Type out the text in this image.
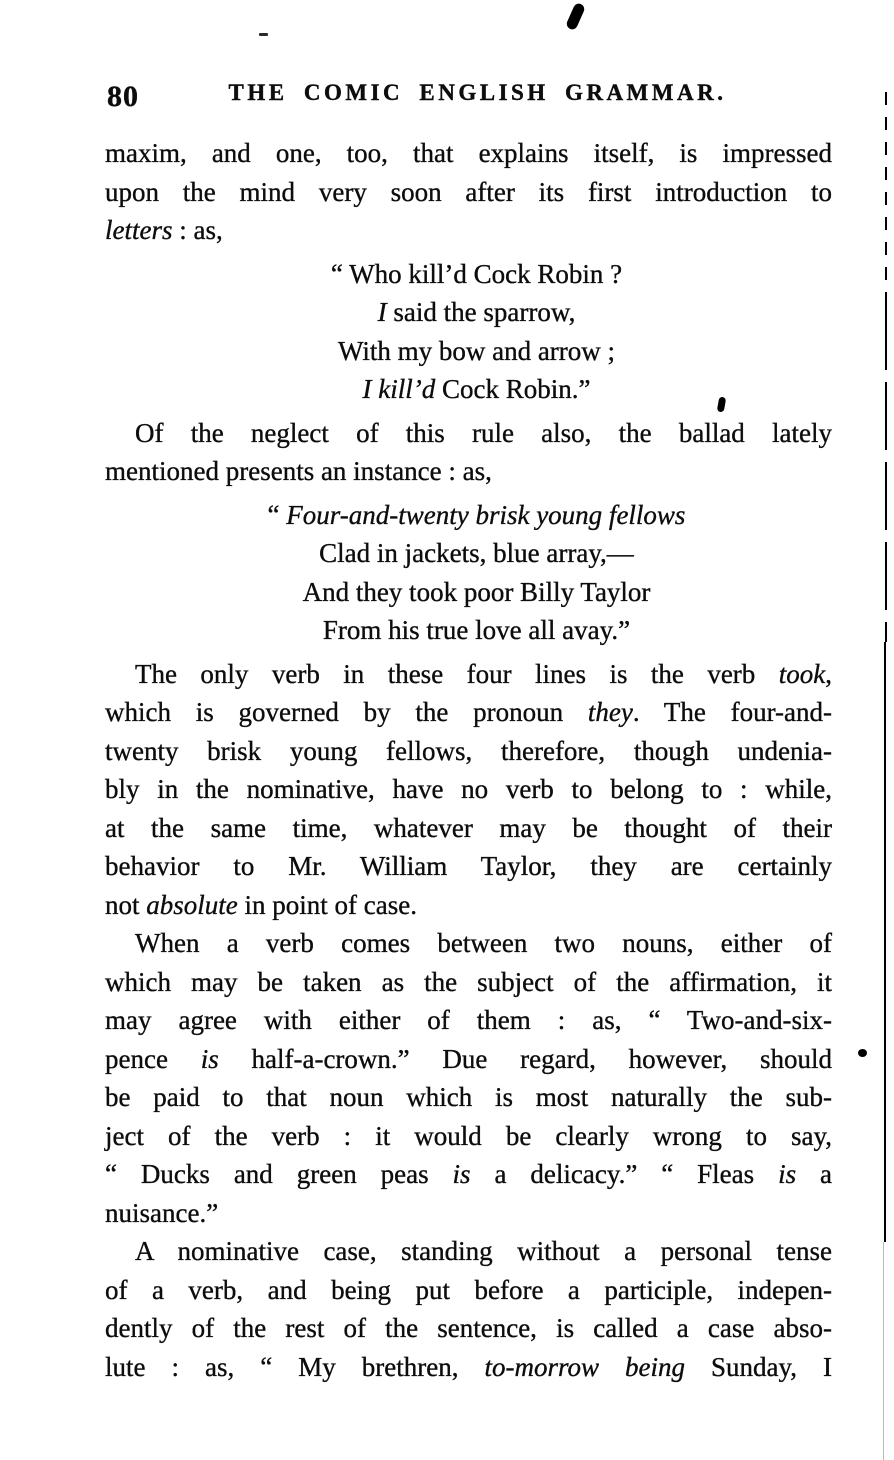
80	THE COMIC ENGLISH GRAMMAR.
maxim, and one, too, that explains itself, is impressed
upon the mind very soon after its first introduction to
letters : as,
“ Who kill’d Cock Robin ?
I said the sparrow,
With my bow and arrow ;
I kill’d Cock Robin.”
Of the neglect of this rule also, the ballad lately
mentioned presents an instance : as,
“ Four-and-twenty brisk young fellows
Clad in jackets, blue array,—
And they took poor Billy Taylor
From his true love all avay.”
The only verb in these four lines is the verb took,
which is governed by the pronoun they. The four-and-
twenty brisk young fellows, therefore, though undenia-
bly in the nominative, have no verb to belong to : while,
at the same time, whatever may be thought of their
behavior to Mr. William Taylor, they are certainly
not absolute in point of case.
When a verb comes between two nouns, either of
which may be taken as the subject of the affirmation, it
may agree with either of them : as, “ Two-and-six-
pence is half-a-crown.” Due regard, however, should
be paid to that noun which is most naturally the sub-
ject of the verb : it would be clearly wrong to say,
“ Ducks and green peas is a delicacy.” “ Fleas is a
nuisance.”
A nominative case, standing without a personal tense
of a verb, and being put before a participle, indepen-
dently of the rest of the sentence, is called a case abso-
lute : as, “ My brethren, to-morrow being Sunday, I
